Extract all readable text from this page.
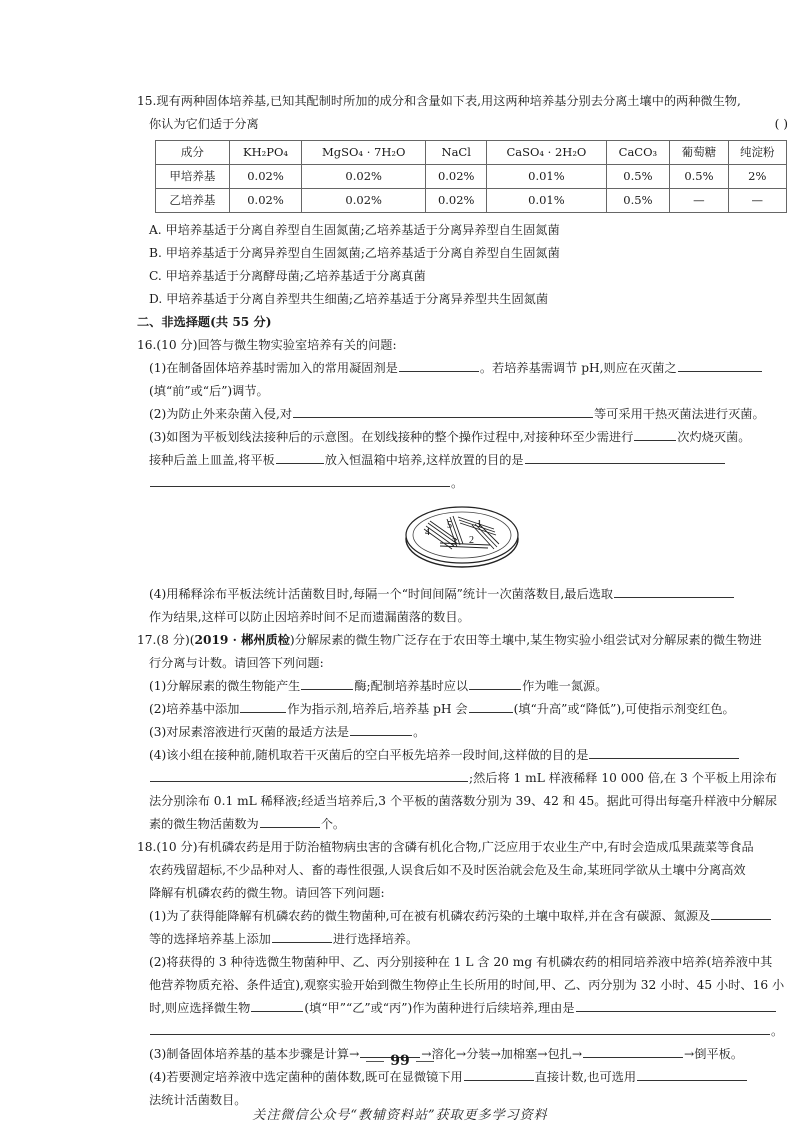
15.现有两种固体培养基,已知其配制时所加的成分和含量如下表,用这两种培养基分别去分离土壤中的两种微生物,
你认为它们适于分离	( )
成分	KH₂PO₄	MgSO₄ · 7H₂O	NaCl	CaSO₄ · 2H₂O	CaCO₃	葡萄糖	纯淀粉
甲培养基	0.02%	0.02%	0.02%	0.01%	0.5%	0.5%	2%
乙培养基	0.02%	0.02%	0.02%	0.01%	0.5%	—	—
A. 甲培养基适于分离自养型自生固氮菌;乙培养基适于分离异养型自生固氮菌
B. 甲培养基适于分离异养型自生固氮菌;乙培养基适于分离自养型自生固氮菌
C. 甲培养基适于分离酵母菌;乙培养基适于分离真菌
D. 甲培养基适于分离自养型共生细菌;乙培养基适于分离异养型共生固氮菌
二、非选择题(共 55 分)
16.(10 分)回答与微生物实验室培养有关的问题:
(1)在制备固体培养基时需加入的常用凝固剂是	。若培养基需调节 pH,则应在灭菌之
(填“前”或“后”)调节。
(2)为防止外来杂菌入侵,对	等可采用干热灭菌法进行灭菌。
(3)如图为平板划线法接种后的示意图。在划线接种的整个操作过程中,对接种环至少需进行	次灼烧灭菌。
接种后盖上皿盖,将平板	放入恒温箱中培养,这样放置的目的是
。
4
5	1
3 2
(4)用稀释涂布平板法统计活菌数目时,每隔一个“时间间隔”统计一次菌落数目,最后选取
作为结果,这样可以防止因培养时间不足而遗漏菌落的数目。
17.(8 分)(2019 · 郴州质检)分解尿素的微生物广泛存在于农田等土壤中,某生物实验小组尝试对分解尿素的微生物进
行分离与计数。请回答下列问题:
(1)分解尿素的微生物能产生	酶;配制培养基时应以	作为唯一氮源。
(2)培养基中添加	作为指示剂,培养后,培养基 pH 会	(填“升高”或“降低”),可使指示剂变红色。
(3)对尿素溶液进行灭菌的最适方法是	。
(4)该小组在接种前,随机取若干灭菌后的空白平板先培养一段时间,这样做的目的是
;然后将 1 mL 样液稀释 10 000 倍,在 3 个平板上用涂布
法分别涂布 0.1 mL 稀释液;经适当培养后,3 个平板的菌落数分别为 39、42 和 45。据此可得出每毫升样液中分解尿
素的微生物活菌数为	个。
18.(10 分)有机磷农药是用于防治植物病虫害的含磷有机化合物,广泛应用于农业生产中,有时会造成瓜果蔬菜等食品
农药残留超标,不少品种对人、畜的毒性很强,人误食后如不及时医治就会危及生命,某班同学欲从土壤中分离高效
降解有机磷农药的微生物。请回答下列问题:
(1)为了获得能降解有机磷农药的微生物菌种,可在被有机磷农药污染的土壤中取样,并在含有碳源、氮源及
等的选择培养基上添加	进行选择培养。
(2)将获得的 3 种待选微生物菌种甲、乙、丙分别接种在 1 L 含 20 mg 有机磷农药的相同培养液中培养(培养液中其
他营养物质充裕、条件适宜),观察实验开始到微生物停止生长所用的时间,甲、乙、丙分别为 32 小时、45 小时、16 小
时,则应选择微生物	(填“甲”“乙”或“丙”)作为菌种进行后续培养,理由是
。
(3)制备固体培养基的基本步骤是计算→	→溶化→分装→加棉塞→包扎→	→倒平板。
(4)若要测定培养液中选定菌种的菌体数,既可在显微镜下用	直接计数,也可选用
法统计活菌数目。
99
关注微信公众号“教辅资料站”获取更多学习资料
